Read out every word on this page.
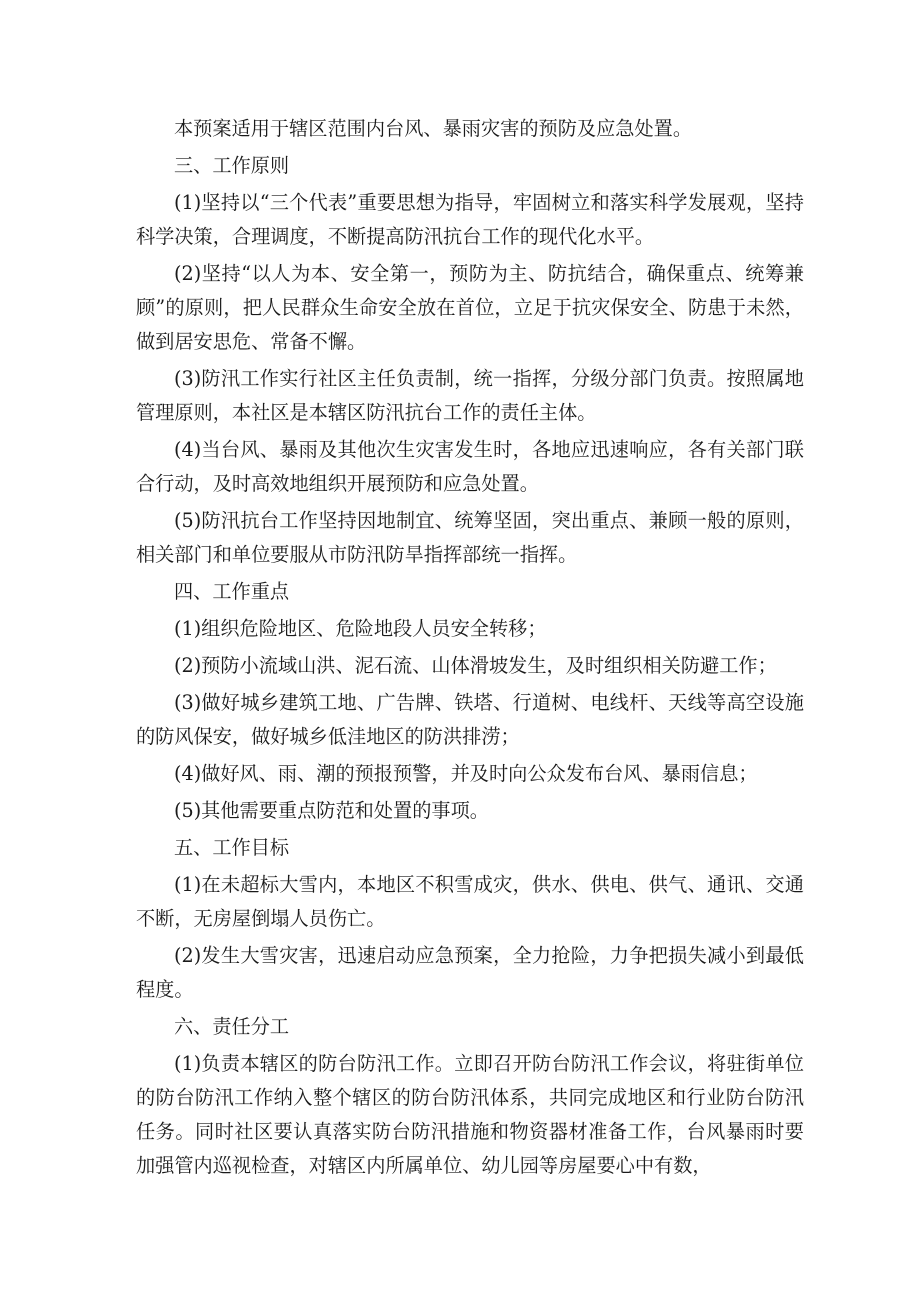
本预案适用于辖区范围内台风、暴雨灾害的预防及应急处置。

三、工作原则

(1)坚持以“三个代表”重要思想为指导，牢固树立和落实科学发展观，坚持科学决策，合理调度，不断提高防汛抗台工作的现代化水平。

(2)坚持“以人为本、安全第一，预防为主、防抗结合，确保重点、统筹兼顾”的原则，把人民群众生命安全放在首位，立足于抗灾保安全、防患于未然，做到居安思危、常备不懈。

(3)防汛工作实行社区主任负责制，统一指挥，分级分部门负责。按照属地管理原则，本社区是本辖区防汛抗台工作的责任主体。

(4)当台风、暴雨及其他次生灾害发生时，各地应迅速响应，各有关部门联合行动，及时高效地组织开展预防和应急处置。

(5)防汛抗台工作坚持因地制宜、统筹坚固，突出重点、兼顾一般的原则，相关部门和单位要服从市防汛防旱指挥部统一指挥。

四、工作重点

(1)组织危险地区、危险地段人员安全转移；

(2)预防小流域山洪、泥石流、山体滑坡发生，及时组织相关防避工作；

(3)做好城乡建筑工地、广告牌、铁塔、行道树、电线杆、天线等高空设施的防风保安，做好城乡低洼地区的防洪排涝；

(4)做好风、雨、潮的预报预警，并及时向公众发布台风、暴雨信息；

(5)其他需要重点防范和处置的事项。

五、工作目标

(1)在未超标大雪内，本地区不积雪成灾，供水、供电、供气、通讯、交通不断，无房屋倒塌人员伤亡。

(2)发生大雪灾害，迅速启动应急预案，全力抢险，力争把损失减小到最低程度。

六、责任分工

(1)负责本辖区的防台防汛工作。立即召开防台防汛工作会议，将驻街单位的防台防汛工作纳入整个辖区的防台防汛体系，共同完成地区和行业防台防汛任务。同时社区要认真落实防台防汛措施和物资器材准备工作，台风暴雨时要加强管内巡视检查，对辖区内所属单位、幼儿园等房屋要心中有数，
